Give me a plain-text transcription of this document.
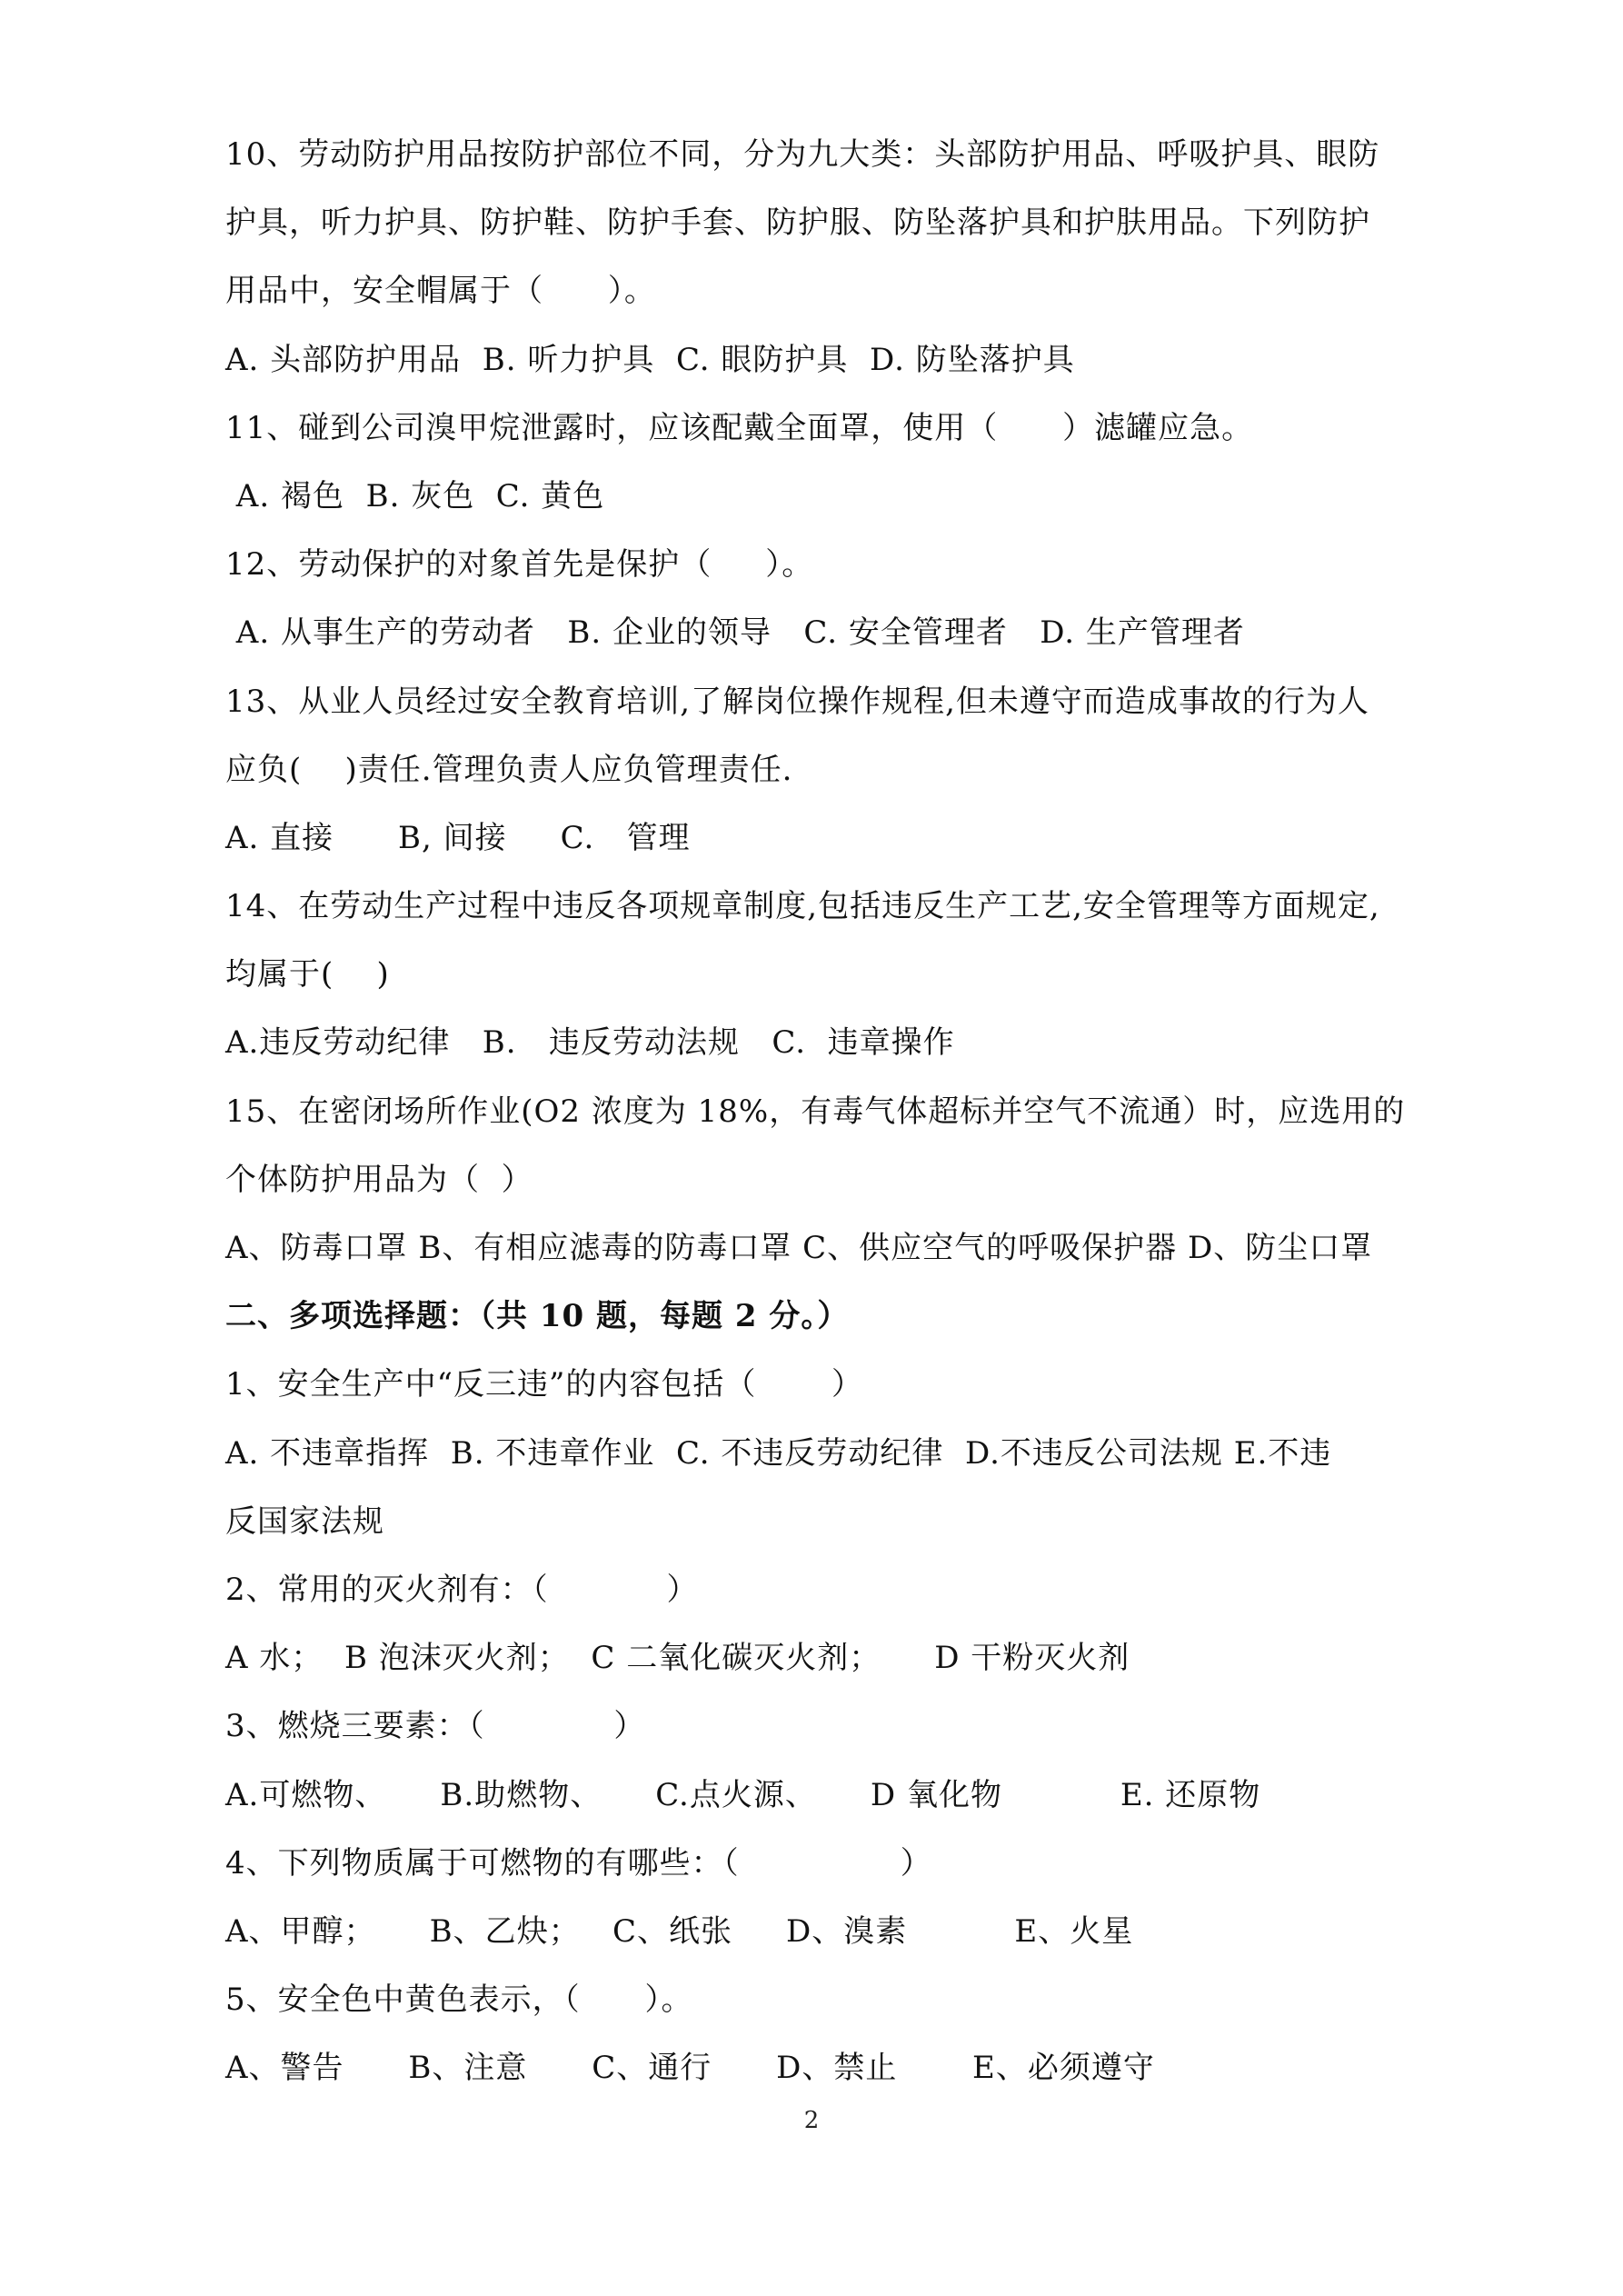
10、劳动防护用品按防护部位不同，分为九大类：头部防护用品、呼吸护具、眼防
护具，听力护具、防护鞋、防护手套、防护服、防坠落护具和护肤用品。下列防护
用品中，安全帽属于（      ）。
A. 头部防护用品  B. 听力护具  C. 眼防护具  D. 防坠落护具
11、碰到公司溴甲烷泄露时，应该配戴全面罩，使用（      ）滤罐应急。
A. 褐色  B. 灰色  C. 黄色
12、劳动保护的对象首先是保护（     ）。
A. 从事生产的劳动者   B. 企业的领导   C. 安全管理者   D. 生产管理者
13、从业人员经过安全教育培训,了解岗位操作规程,但未遵守而造成事故的行为人
应负(    )责任.管理负责人应负管理责任.
A. 直接      B, 间接     C.   管理
14、在劳动生产过程中违反各项规章制度,包括违反生产工艺,安全管理等方面规定,
均属于(    )
A.违反劳动纪律   B.   违反劳动法规   C.  违章操作
15、在密闭场所作业(O2 浓度为 18%，有毒气体超标并空气不流通）时，应选用的
个体防护用品为（  ）
A、防毒口罩 B、有相应滤毒的防毒口罩 C、供应空气的呼吸保护器 D、防尘口罩
二、多项选择题：（共 10 题，每题 2 分。）
1、安全生产中“反三违”的内容包括（       ）
A. 不违章指挥  B. 不违章作业  C. 不违反劳动纪律  D.不违反公司法规 E.不违
反国家法规
2、常用的灭火剂有：（           ）
A 水；  B 泡沫灭火剂；  C 二氧化碳灭火剂；     D 干粉灭火剂
3、燃烧三要素：（            ）
A.可燃物、     B.助燃物、     C.点火源、     D 氧化物           E. 还原物
4、下列物质属于可燃物的有哪些：（               ）
A、甲醇；     B、乙炔；   C、纸张     D、溴素          E、火星
5、安全色中黄色表示，（      ）。
A、警告      B、注意      C、通行      D、禁止       E、必须遵守
2
